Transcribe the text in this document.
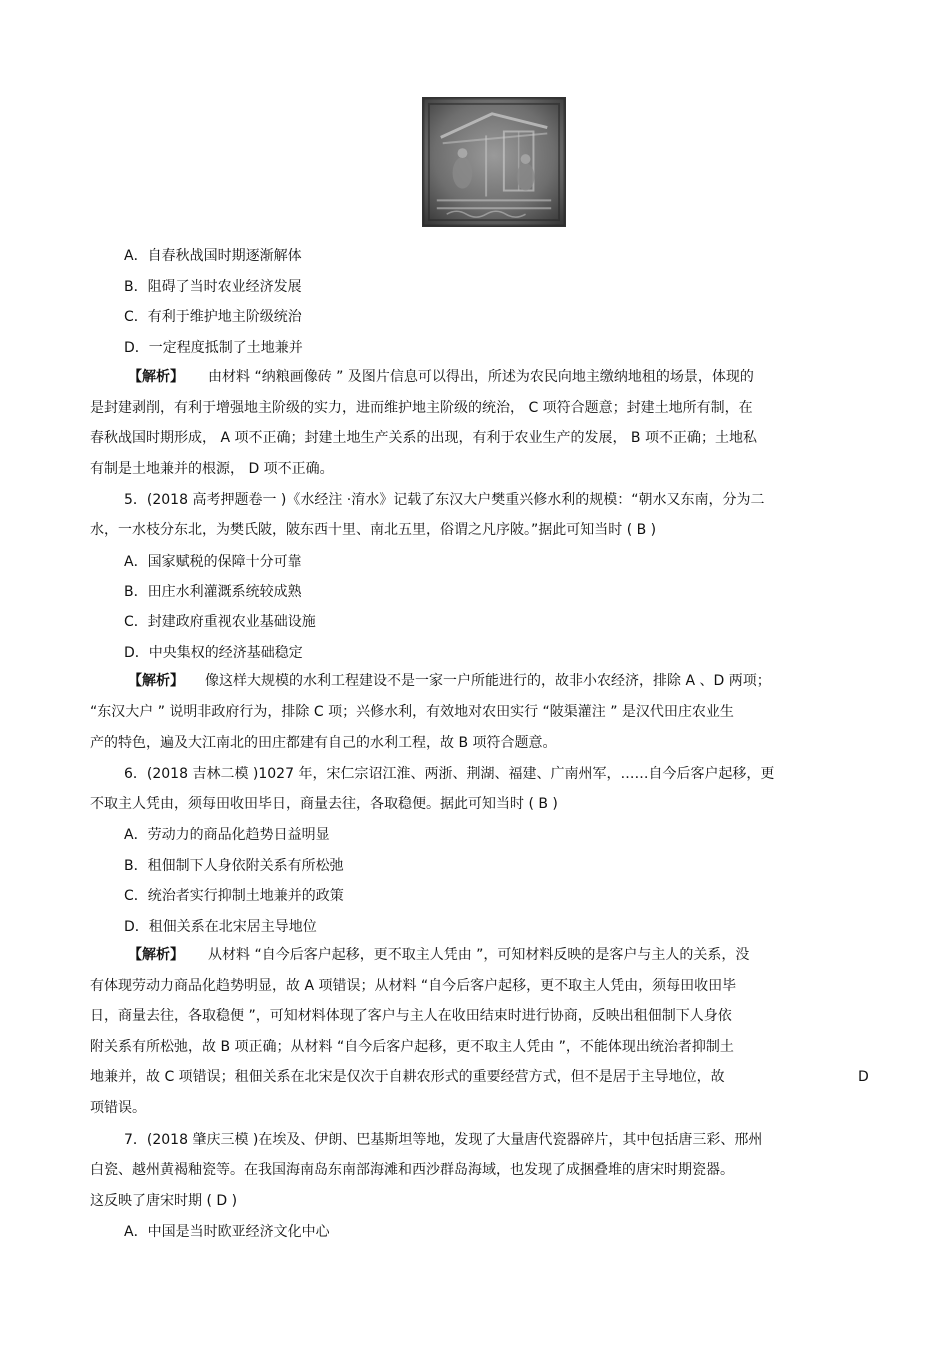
A．自春秋战国时期逐渐解体
B．阻碍了当时农业经济发展
C．有利于维护地主阶级统治
D．一定程度抵制了土地兼并
【解析】 由材料 “纳粮画像砖 ” 及图片信息可以得出，所述为农民向地主缴纳地租的场景，体现的
是封建剥削，有利于增强地主阶级的实力，进而维护地主阶级的统治， C 项符合题意；封建土地所有制，在
春秋战国时期形成， A 项不正确；封建土地生产关系的出现，有利于农业生产的发展， B 项不正确；土地私
有制是土地兼并的根源， D 项不正确。
5．(2018 高考押题卷一 )《水经注 ·淯水》记载了东汉大户樊重兴修水利的规模：“朝水又东南，分为二
水，一水枝分东北，为樊氏陂，陂东西十里、南北五里，俗谓之凡序陂。”据此可知当时 ( B )
A．国家赋税的保障十分可靠
B．田庄水利灌溉系统较成熟
C．封建政府重视农业基础设施
D．中央集权的经济基础稳定
【解析】 像这样大规模的水利工程建设不是一家一户所能进行的，故非小农经济，排除 A 、D 两项；
“东汉大户 ” 说明非政府行为，排除 C 项；兴修水利，有效地对农田实行 “陂渠灌注 ” 是汉代田庄农业生
产的特色，遍及大江南北的田庄都建有自己的水利工程，故 B 项符合题意。
6．(2018 吉林二模 )1027 年，宋仁宗诏江淮、两浙、荆湖、福建、广南州军，……自今后客户起移，更
不取主人凭由，须每田收田毕日，商量去往，各取稳便。据此可知当时 ( B )
A．劳动力的商品化趋势日益明显
B．租佃制下人身依附关系有所松弛
C．统治者实行抑制土地兼并的政策
D．租佃关系在北宋居主导地位
【解析】 从材料 “自今后客户起移，更不取主人凭由 ”，可知材料反映的是客户与主人的关系，没
有体现劳动力商品化趋势明显，故 A 项错误；从材料 “自今后客户起移，更不取主人凭由，须每田收田毕
日，商量去往，各取稳便 ”，可知材料体现了客户与主人在收田结束时进行协商，反映出租佃制下人身依
附关系有所松弛，故 B 项正确；从材料 “自今后客户起移，更不取主人凭由 ”，不能体现出统治者抑制土
地兼并，故 C 项错误；租佃关系在北宋是仅次于自耕农形式的重要经营方式，但不是居于主导地位，故	D
项错误。
7．(2018 肇庆三模 )在埃及、伊朗、巴基斯坦等地，发现了大量唐代瓷器碎片，其中包括唐三彩、邢州
白瓷、越州黄褐釉瓷等。在我国海南岛东南部海滩和西沙群岛海域，也发现了成捆叠堆的唐宋时期瓷器。
这反映了唐宋时期 ( D )
A．中国是当时欧亚经济文化中心
